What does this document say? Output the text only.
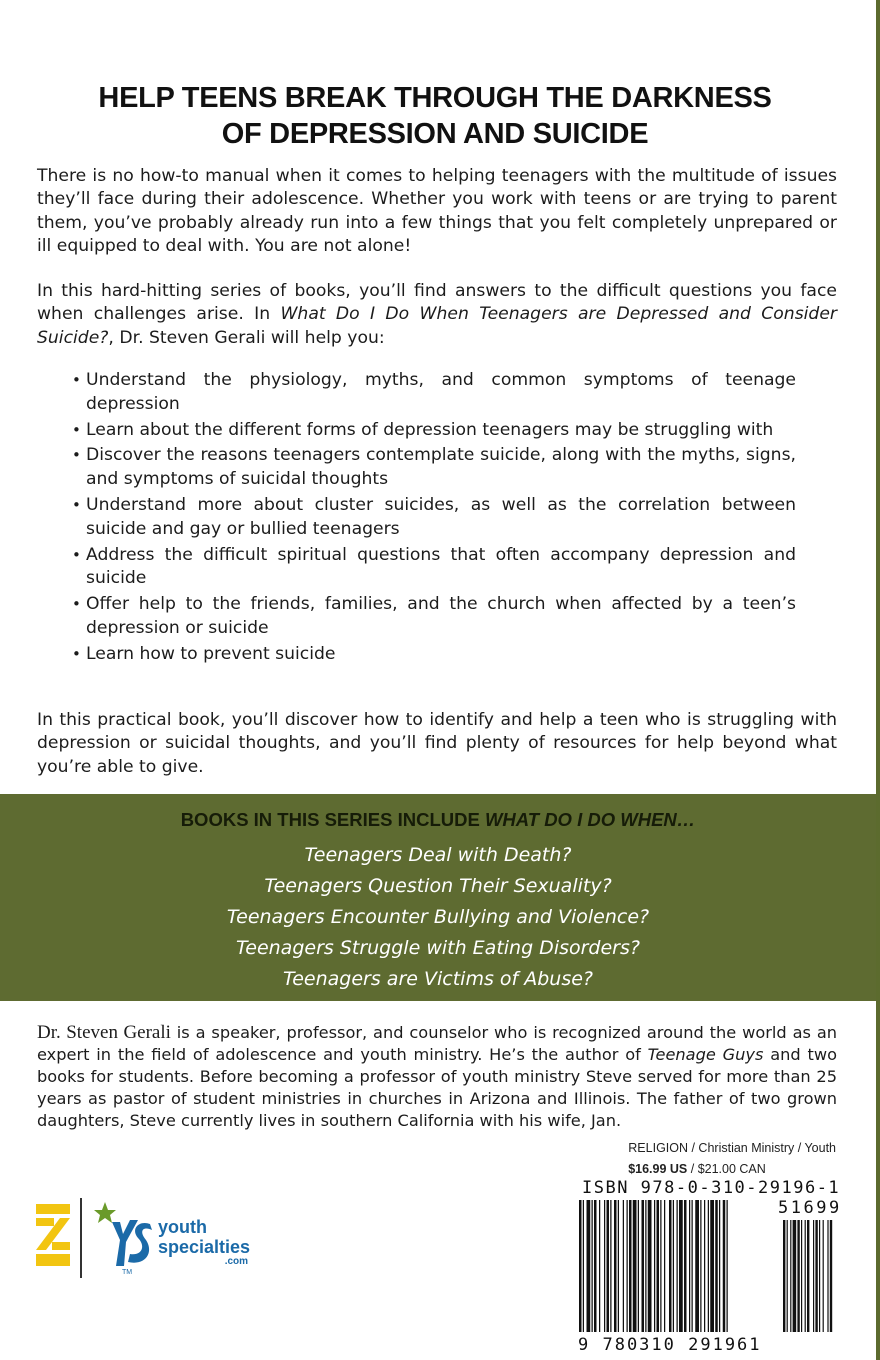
HELP TEENS BREAK THROUGH THE DARKNESS
OF DEPRESSION AND SUICIDE

There is no how-to manual when it comes to helping teenagers with the multitude of issues they’ll face during their adolescence. Whether you work with teens or are trying to parent them, you’ve probably already run into a few things that you felt completely unprepared or ill equipped to deal with. You are not alone!

In this hard-hitting series of books, you’ll find answers to the difficult questions you face when challenges arise. In What Do I Do When Teenagers are Depressed and Consider Suicide?, Dr. Steven Gerali will help you:

• Understand the physiology, myths, and common symptoms of teenage depression
• Learn about the different forms of depression teenagers may be struggling with
• Discover the reasons teenagers contemplate suicide, along with the myths, signs, and symptoms of suicidal thoughts
• Understand more about cluster suicides, as well as the correlation between suicide and gay or bullied teenagers
• Address the difficult spiritual questions that often accompany depression and suicide
• Offer help to the friends, families, and the church when affected by a teen’s depression or suicide
• Learn how to prevent suicide

In this practical book, you’ll discover how to identify and help a teen who is struggling with depression or suicidal thoughts, and you’ll find plenty of resources for help beyond what you’re able to give.

BOOKS IN THIS SERIES INCLUDE WHAT DO I DO WHEN…
Teenagers Deal with Death?
Teenagers Question Their Sexuality?
Teenagers Encounter Bullying and Violence?
Teenagers Struggle with Eating Disorders?
Teenagers are Victims of Abuse?

Dr. Steven Gerali is a speaker, professor, and counselor who is recognized around the world as an expert in the field of adolescence and youth ministry. He’s the author of Teenage Guys and two books for students. Before becoming a professor of youth ministry Steve served for more than 25 years as pastor of student ministries in churches in Arizona and Illinois. The father of two grown daughters, Steve currently lives in southern California with his wife, Jan.

RELIGION / Christian Ministry / Youth
$16.99 US / $21.00 CAN
ISBN 978-0-310-29196-1
51699
9 780310 291961
TM
youth
specialties
.com
